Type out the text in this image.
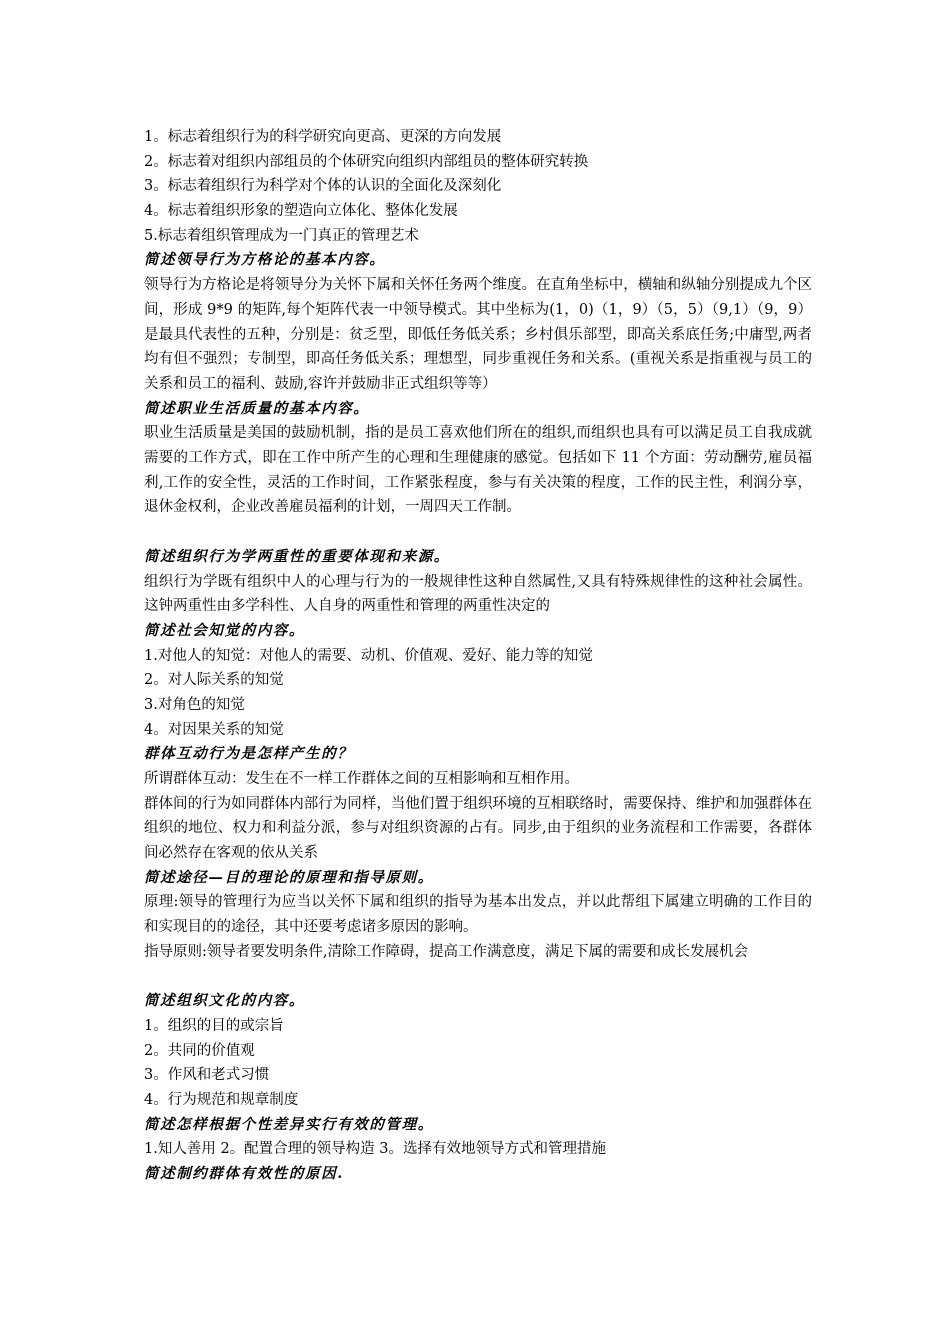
1。标志着组织行为的科学研究向更高、更深的方向发展
2。标志着对组织内部组员的个体研究向组织内部组员的整体研究转换
3。标志着组织行为科学对个体的认识的全面化及深刻化
4。标志着组织形象的塑造向立体化、整体化发展
5.标志着组织管理成为一门真正的管理艺术
简述领导行为方格论的基本内容。
领导行为方格论是将领导分为关怀下属和关怀任务两个维度。在直角坐标中，横轴和纵轴分别提成九个区间，形成 9*9 的矩阵,每个矩阵代表一中领导模式。其中坐标为(1，0)（1，9）（5，5）（9,1）（9，9）是最具代表性的五种，分别是：贫乏型，即低任务低关系；乡村俱乐部型，即高关系底任务;中庸型,两者均有但不强烈；专制型，即高任务低关系；理想型，同步重视任务和关系。(重视关系是指重视与员工的关系和员工的福利、鼓励,容许并鼓励非正式组织等等）
简述职业生活质量的基本内容。
职业生活质量是美国的鼓励机制，指的是员工喜欢他们所在的组织,而组织也具有可以满足员工自我成就需要的工作方式，即在工作中所产生的心理和生理健康的感觉。包括如下 11 个方面：劳动酬劳,雇员福利,工作的安全性，灵活的工作时间，工作紧张程度，参与有关决策的程度，工作的民主性，利润分享，退休金权利，企业改善雇员福利的计划，一周四天工作制。
简述组织行为学两重性的重要体现和来源。
组织行为学既有组织中人的心理与行为的一般规律性这种自然属性,又具有特殊规律性的这种社会属性。这钟两重性由多学科性、人自身的两重性和管理的两重性决定的
简述社会知觉的内容。
1.对他人的知觉：对他人的需要、动机、价值观、爱好、能力等的知觉
2。对人际关系的知觉
3.对角色的知觉
4。对因果关系的知觉
群体互动行为是怎样产生的？
所谓群体互动：发生在不一样工作群体之间的互相影响和互相作用。
群体间的行为如同群体内部行为同样，当他们置于组织环境的互相联络时，需要保持、维护和加强群体在组织的地位、权力和利益分派，参与对组织资源的占有。同步,由于组织的业务流程和工作需要，各群体间必然存在客观的依从关系
简述途径—目的理论的原理和指导原则。
原理:领导的管理行为应当以关怀下属和组织的指导为基本出发点，并以此帮组下属建立明确的工作目的和实现目的的途径，其中还要考虑诸多原因的影响。
指导原则:领导者要发明条件,清除工作障碍，提高工作满意度，满足下属的需要和成长发展机会
简述组织文化的内容。
1。组织的目的或宗旨
2。共同的价值观
3。作风和老式习惯
4。行为规范和规章制度
简述怎样根据个性差异实行有效的管理。
1.知人善用 2。配置合理的领导构造 3。选择有效地领导方式和管理措施
简述制约群体有效性的原因.
